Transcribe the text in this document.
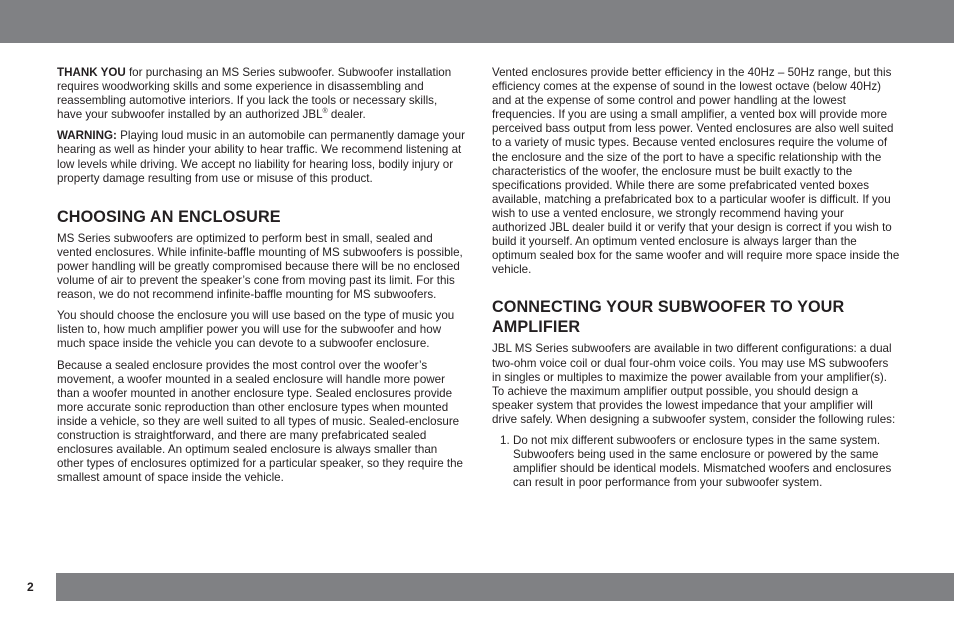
THANK YOU for purchasing an MS Series subwoofer. Subwoofer installation requires woodworking skills and some experience in disassembling and reassembling automotive interiors. If you lack the tools or necessary skills, have your subwoofer installed by an authorized JBL® dealer.

WARNING: Playing loud music in an automobile can permanently damage your hearing as well as hinder your ability to hear traffic. We recommend listening at low levels while driving. We accept no liability for hearing loss, bodily injury or property damage resulting from use or misuse of this product.

CHOOSING AN ENCLOSURE

MS Series subwoofers are optimized to perform best in small, sealed and vented enclosures. While infinite-baffle mounting of MS subwoofers is possible, power handling will be greatly compromised because there will be no enclosed volume of air to prevent the speaker’s cone from moving past its limit. For this reason, we do not recommend infinite-baffle mounting for MS subwoofers.

You should choose the enclosure you will use based on the type of music you listen to, how much amplifier power you will use for the subwoofer and how much space inside the vehicle you can devote to a subwoofer enclosure.

Because a sealed enclosure provides the most control over the woofer’s movement, a woofer mounted in a sealed enclosure will handle more power than a woofer mounted in another enclosure type. Sealed enclosures provide more accurate sonic reproduction than other enclosure types when mounted inside a vehicle, so they are well suited to all types of music. Sealed-enclosure construction is straightforward, and there are many prefabricated sealed enclosures available. An optimum sealed enclosure is always smaller than other types of enclosures optimized for a particular speaker, so they require the smallest amount of space inside the vehicle.

Vented enclosures provide better efficiency in the 40Hz – 50Hz range, but this efficiency comes at the expense of sound in the lowest octave (below 40Hz) and at the expense of some control and power handling at the lowest frequencies. If you are using a small amplifier, a vented box will provide more perceived bass output from less power. Vented enclosures are also well suited to a variety of music types. Because vented enclosures require the volume of the enclosure and the size of the port to have a specific relationship with the characteristics of the woofer, the enclosure must be built exactly to the specifications provided. While there are some prefabricated vented boxes available, matching a prefabricated box to a particular woofer is difficult. If you wish to use a vented enclosure, we strongly recommend having your authorized JBL dealer build it or verify that your design is correct if you wish to build it yourself. An optimum vented enclosure is always larger than the optimum sealed box for the same woofer and will require more space inside the vehicle.

CONNECTING YOUR SUBWOOFER TO YOUR AMPLIFIER

JBL MS Series subwoofers are available in two different configurations: a dual two-ohm voice coil or dual four-ohm voice coils. You may use MS subwoofers in singles or multiples to maximize the power available from your amplifier(s). To achieve the maximum amplifier output possible, you should design a speaker system that provides the lowest impedance that your amplifier will drive safely. When designing a subwoofer system, consider the following rules:

1. Do not mix different subwoofers or enclosure types in the same system. Subwoofers being used in the same enclosure or powered by the same amplifier should be identical models. Mismatched woofers and enclosures can result in poor performance from your subwoofer system.
2
